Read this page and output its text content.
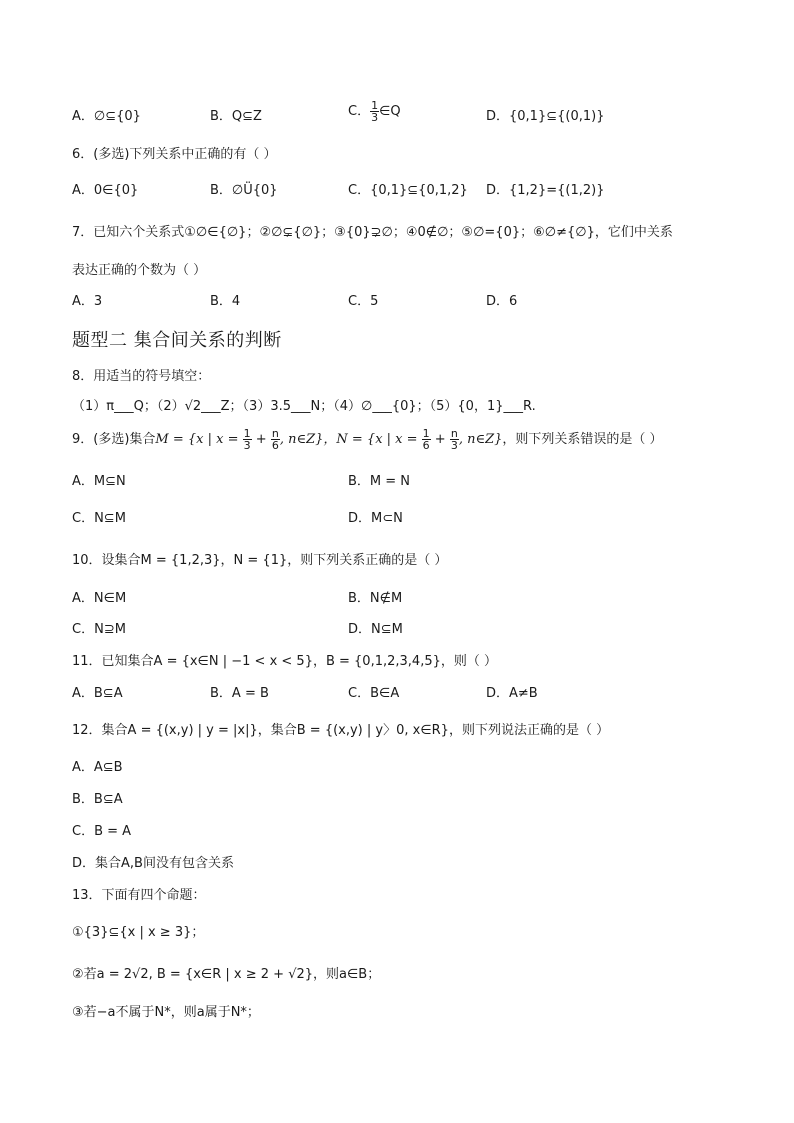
A．∅⊆{0}	B．Q⊆Z	C． $\frac{1}{3}$ ∈Q	D．{0,1}⊆{(0,1)}
6．(多选)下列关系中正确的有（ ）
A．0∈{0}	B．∅Ü{0}	C．{0,1}⊆{0,1,2} D．{1,2}={(1,2)}
7．已知六个关系式①∅∈{∅}；②∅⊊{∅}；③{0}⊋∅；④0∉∅；⑤∅={0}；⑥∅≠{∅}，它们中关系
表达正确的个数为（ ）
A．3	B．4	C．5	D．6
题型二 集合间关系的判断
8．用适当的符号填空：
（1）π___Q；（2）√2___Z；（3）3.5___N；（4）∅___{0}；（5）{0，1}___R.
9．(多选)集合M = {x | $x = \frac{1}{3} + \frac{n}{6}$ , n∈Z}，N = {x | $x = \frac{1}{6} + \frac{n}{3}$ , n∈Z}，则下列关系错误的是（ ）
A．M⊆N	B．M = N
C．N⊆M	D．M⊂N
10．设集合M = {1,2,3}，N = {1}，则下列关系正确的是（ ）
A．N∈M	B．N∉M
C．N⊇M	D．N⊆M
11．已知集合A = {x∈N | −1 < x < 5}，B = {0,1,2,3,4,5}，则（ ）
A．B⊆A	B．A = B	C．B∈A	D．A≠B
12．集合A = {(x,y) | y = |x|}，集合B = {(x,y) | y〉0, x∈R}，则下列说法正确的是（ ）
A．A⊆B
B．B⊆A
C．B = A
D．集合A,B间没有包含关系
13．下面有四个命题：
①{3}⊆{x | x ≥ 3}；
②若a = 2√2, B = {x∈R | x ≥ 2 + √2}，则a∈B；
③若−a不属于N*，则a属于N*；
